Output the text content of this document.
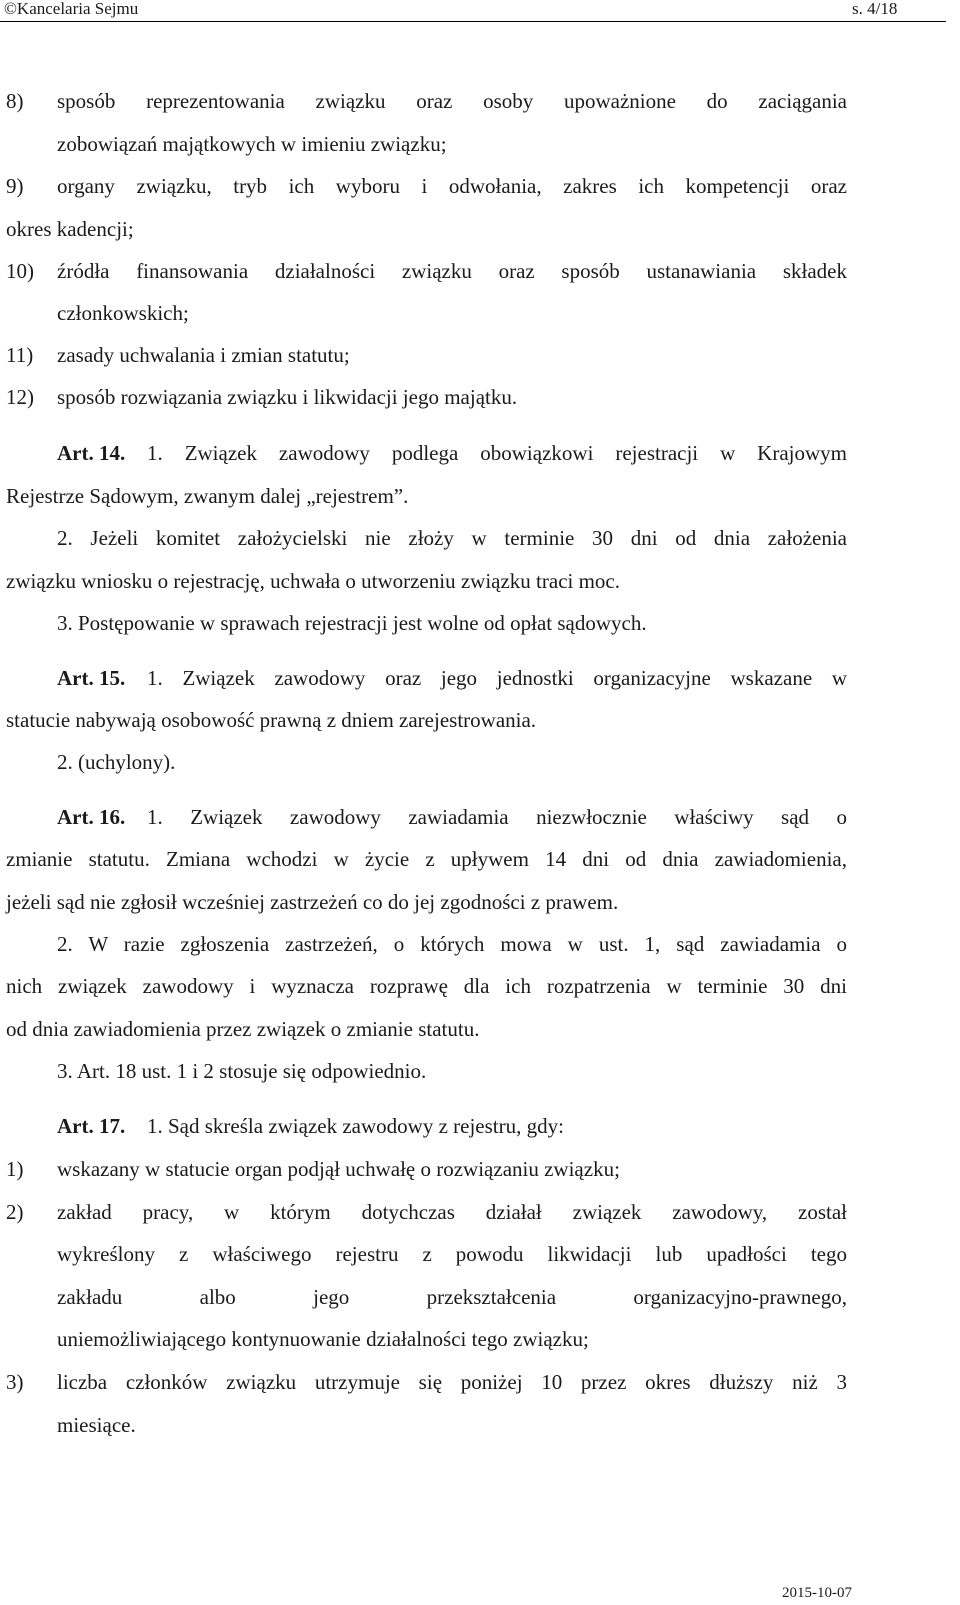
©Kancelaria Sejmu	s. 4/18
8) sposób reprezentowania związku oraz osoby upoważnione do zaciągania
zobowiązań majątkowych w imieniu związku;
9) organy związku, tryb ich wyboru i odwołania, zakres ich kompetencji oraz
okres kadencji;
10) źródła finansowania działalności związku oraz sposób ustanawiania składek
członkowskich;
11) zasady uchwalania i zmian statutu;
12) sposób rozwiązania związku i likwidacji jego majątku.
Art. 14. 1. Związek zawodowy podlega obowiązkowi rejestracji w Krajowym
Rejestrze Sądowym, zwanym dalej „rejestrem”.
2. Jeżeli komitet założycielski nie złoży w terminie 30 dni od dnia założenia
związku wniosku o rejestrację, uchwała o utworzeniu związku traci moc.
3. Postępowanie w sprawach rejestracji jest wolne od opłat sądowych.
Art. 15. 1. Związek zawodowy oraz jego jednostki organizacyjne wskazane w
statucie nabywają osobowość prawną z dniem zarejestrowania.
2. (uchylony).
Art. 16. 1. Związek zawodowy zawiadamia niezwłocznie właściwy sąd o
zmianie statutu. Zmiana wchodzi w życie z upływem 14 dni od dnia zawiadomienia,
jeżeli sąd nie zgłosił wcześniej zastrzeżeń co do jej zgodności z prawem.
2. W razie zgłoszenia zastrzeżeń, o których mowa w ust. 1, sąd zawiadamia o
nich związek zawodowy i wyznacza rozprawę dla ich rozpatrzenia w terminie 30 dni
od dnia zawiadomienia przez związek o zmianie statutu.
3. Art. 18 ust. 1 i 2 stosuje się odpowiednio.
Art. 17. 1. Sąd skreśla związek zawodowy z rejestru, gdy:
1) wskazany w statucie organ podjął uchwałę o rozwiązaniu związku;
2) zakład pracy, w którym dotychczas działał związek zawodowy, został
wykreślony z właściwego rejestru z powodu likwidacji lub upadłości tego
zakładu albo jego przekształcenia organizacyjno-prawnego,
uniemożliwiającego kontynuowanie działalności tego związku;
3) liczba członków związku utrzymuje się poniżej 10 przez okres dłuższy niż 3
miesiące.
2015-10-07
